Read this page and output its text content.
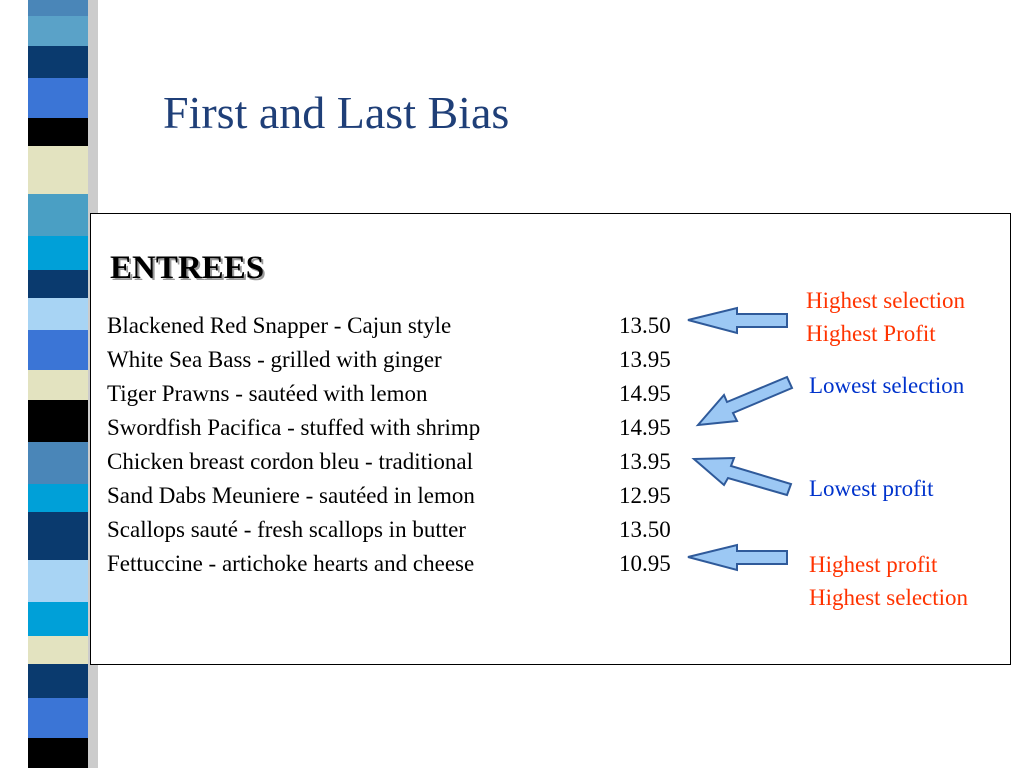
First and Last Bias
ENTREES
Blackened Red Snapper - Cajun style	13.50
White Sea Bass - grilled with ginger	13.95
Tiger Prawns - sautéed with lemon	14.95
Swordfish Pacifica - stuffed with shrimp	14.95
Chicken breast cordon bleu - traditional	13.95
Sand Dabs Meuniere - sautéed in lemon	12.95
Scallops sauté - fresh scallops in butter	13.50
Fettuccine - artichoke hearts and cheese	10.95
Highest selection
Highest Profit
Lowest selection
Lowest profit
Highest profit
Highest selection
